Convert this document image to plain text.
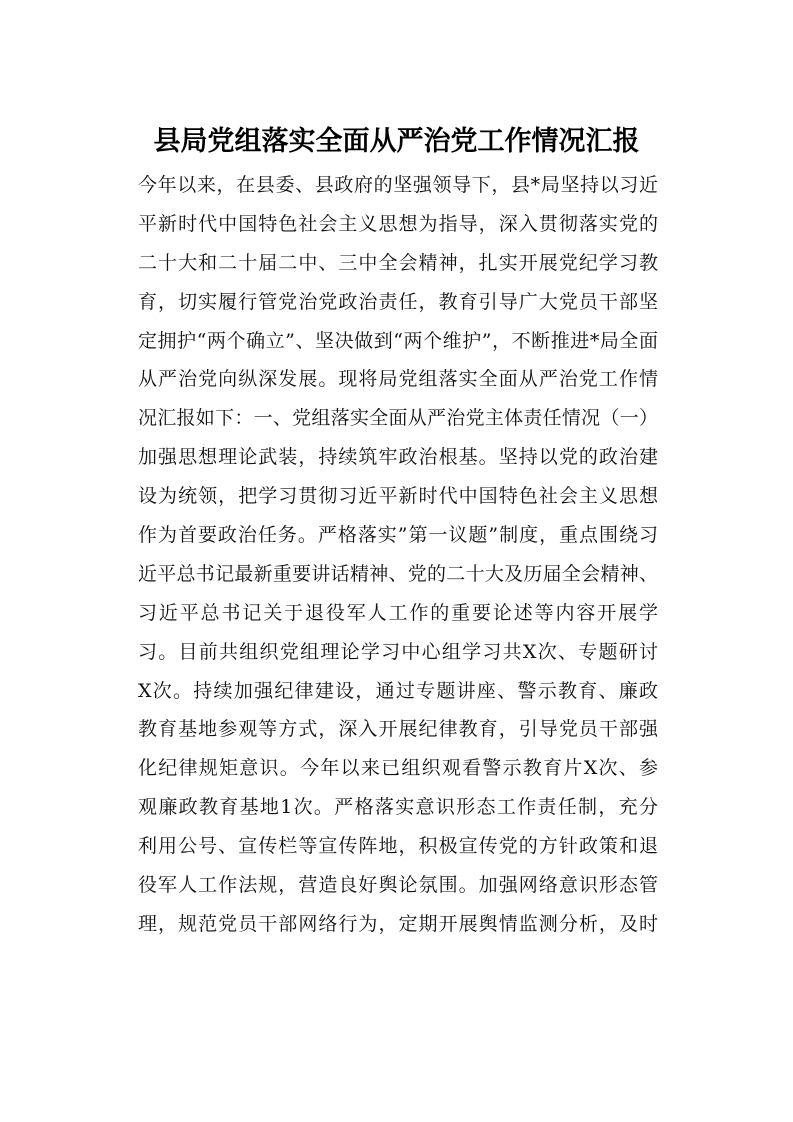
县局党组落实全面从严治党工作情况汇报
今年以来，在县委、县政府的坚强领导下，县*局坚持以习近
平新时代中国特色社会主义思想为指导，深入贯彻落实党的
二十大和二十届二中、三中全会精神，扎实开展党纪学习教
育，切实履行管党治党政治责任，教育引导广大党员干部坚
定拥护“两个确立”、坚决做到“两个维护”，不断推进*局全面
从严治党向纵深发展。现将局党组落实全面从严治党工作情
况汇报如下：一、党组落实全面从严治党主体责任情况（一）
加强思想理论武装，持续筑牢政治根基。坚持以党的政治建
设为统领，把学习贯彻习近平新时代中国特色社会主义思想
作为首要政治任务。严格落实”第一议题”制度，重点围绕习
近平总书记最新重要讲话精神、党的二十大及历届全会精神、
习近平总书记关于退役军人工作的重要论述等内容开展学
习。目前共组织党组理论学习中心组学习共X次、专题研讨
X次。持续加强纪律建设，通过专题讲座、警示教育、廉政
教育基地参观等方式，深入开展纪律教育，引导党员干部强
化纪律规矩意识。今年以来已组织观看警示教育片X次、参
观廉政教育基地1次。严格落实意识形态工作责任制，充分
利用公号、宣传栏等宣传阵地，积极宣传党的方针政策和退
役军人工作法规，营造良好舆论氛围。加强网络意识形态管
理，规范党员干部网络行为，定期开展舆情监测分析，及时
